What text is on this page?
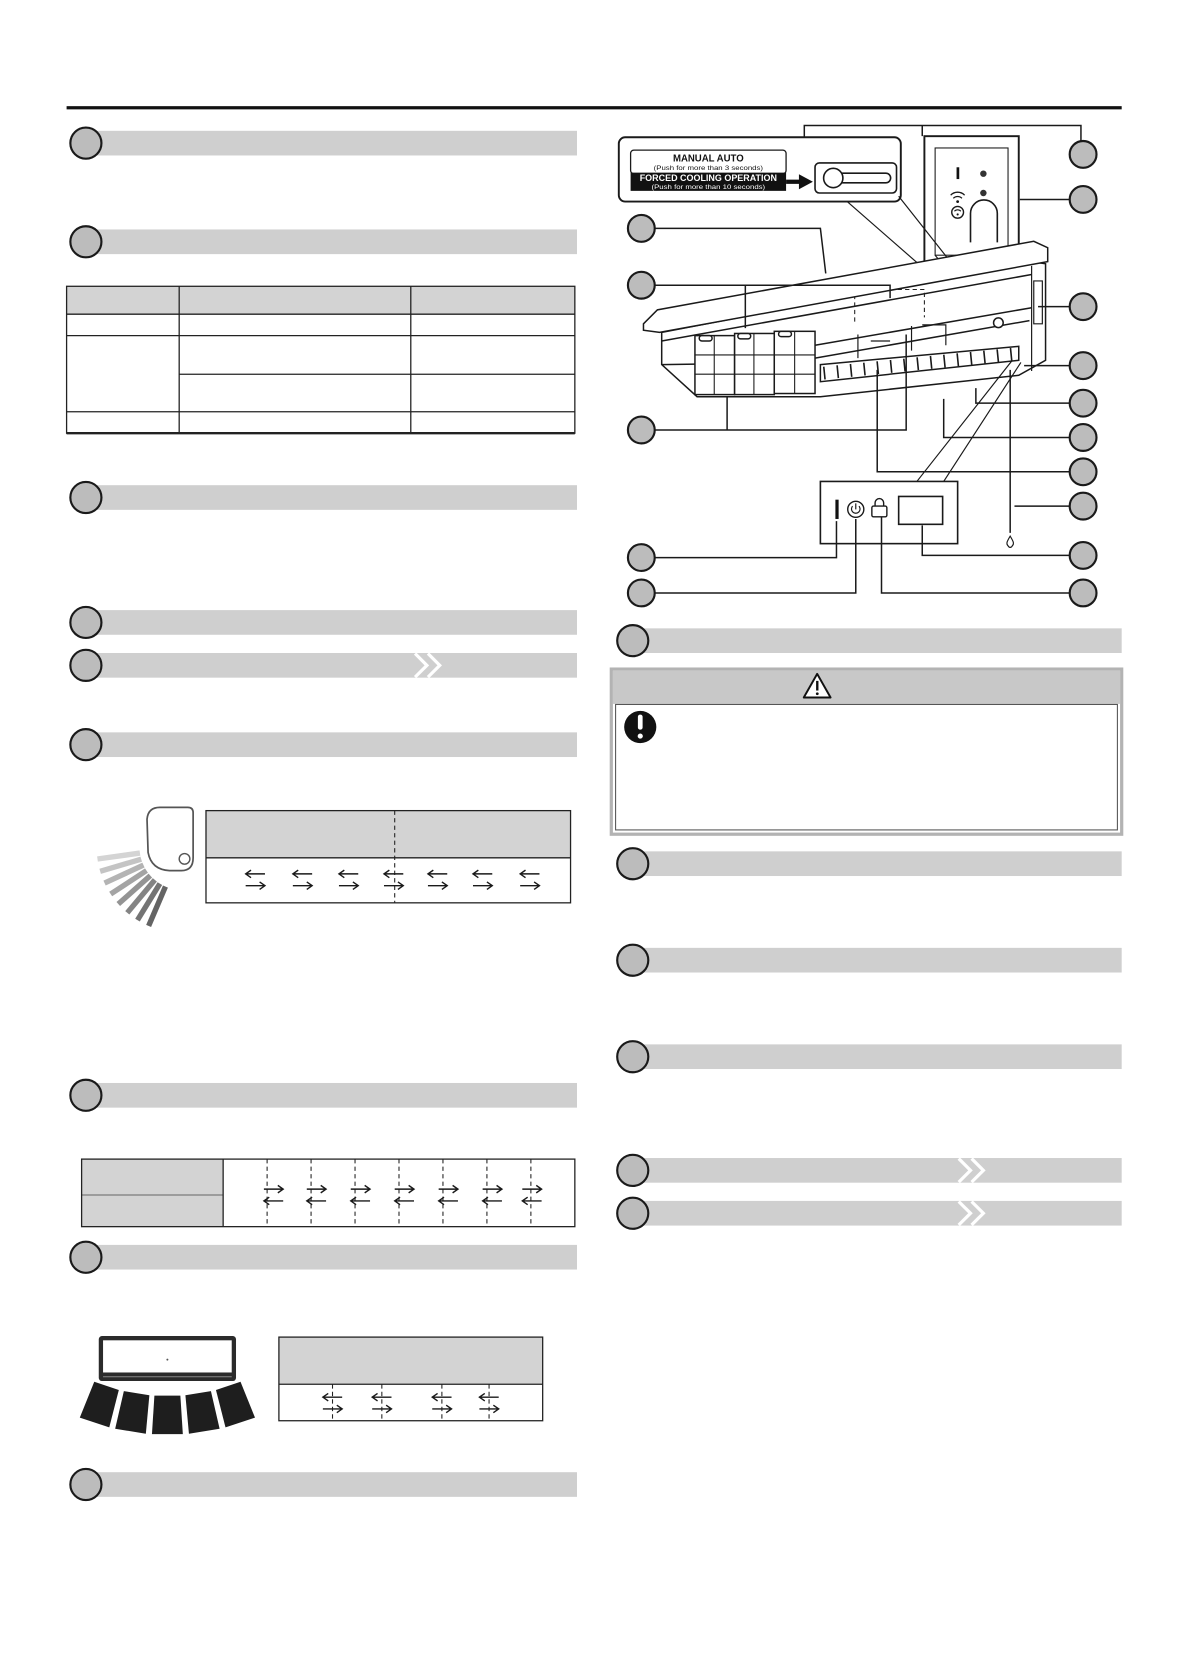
MANUAL AUTO
(Push for more than 3 seconds)
FORCED COOLING OPERATION
(Push for more than 10 seconds)
